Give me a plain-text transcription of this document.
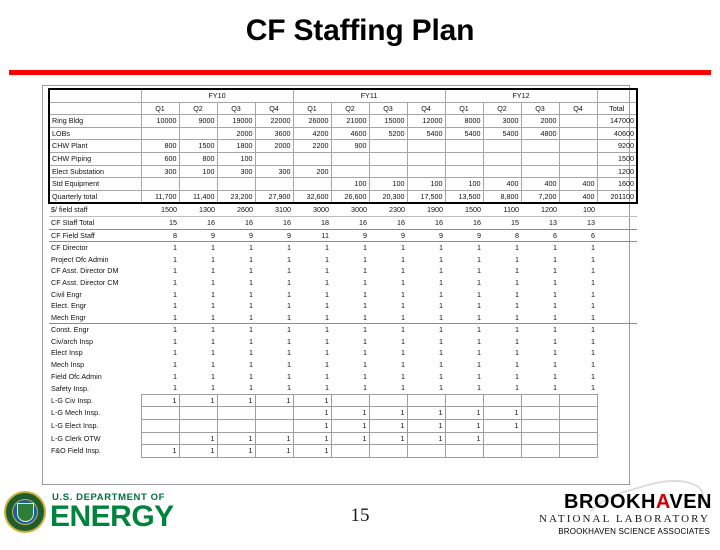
CF Staffing Plan
	FY10				FY11				FY12				
	Q1	Q2	Q3	Q4	Q1	Q2	Q3	Q4	Q1	Q2	Q3	Q4	Total
Ring Bldg	10000	9000	19000	22000	26000	21000	15000	12000	8000	3000	2000		147000
LOBs			2000	3600	4200	4600	5200	5400	5400	5400	4800		40600
CHW Plant	800	1500	1800	2000	2200	900							9200
CHW Piping	600	800	100										1500
Elect Substation	300	100	300	300	200								1200
Std Equipment						100	100	100	100	400	400	400	1600
Quarterly total	11,700	11,400	23,200	27,900	32,600	26,600	20,300	17,500	13,500	8,800	7,200	400	201100
$/ field staff	1500	1300	2600	3100	3000	3000	2300	1900	1500	1100	1200	100	
CF Staff Total	15	16	16	16	18	16	16	16	16	15	13	13	
CF Field Staff	8	9	9	9	11	9	9	9	9	8	6	6	
CF Director	1	1	1	1	1	1	1	1	1	1	1	1	
Project Ofc Admin	1	1	1	1	1	1	1	1	1	1	1	1	
CF Asst. Director DM	1	1	1	1	1	1	1	1	1	1	1	1	
CF Asst. Director CM	1	1	1	1	1	1	1	1	1	1	1	1	
Civil Engr	1	1	1	1	1	1	1	1	1	1	1	1	
Elect. Engr	1	1	1	1	1	1	1	1	1	1	1	1	
Mech Engr	1	1	1	1	1	1	1	1	1	1	1	1	
Const. Engr	1	1	1	1	1	1	1	1	1	1	1	1	
Civ/arch Insp	1	1	1	1	1	1	1	1	1	1	1	1	
Elect Insp	1	1	1	1	1	1	1	1	1	1	1	1	
Mech Insp	1	1	1	1	1	1	1	1	1	1	1	1	
Field Ofc Admin	1	1	1	1	1	1	1	1	1	1	1	1	
Safety Insp.	1	1	1	1	1	1	1	1	1	1	1	1	
L-G Civ Insp.	1	1	1	1	1								
L-G Mech Insp.					1	1	1	1	1	1			
L-G Elect Insp.					1	1	1	1	1	1			
L-G Clerk OTW		1	1	1	1	1	1	1	1				
F&O Field Insp.	1	1	1	1	1								
15
U.S. DEPARTMENT OF
ENERGY	BROOKHAVEN
NATIONAL LABORATORY
BROOKHAVEN SCIENCE ASSOCIATES
